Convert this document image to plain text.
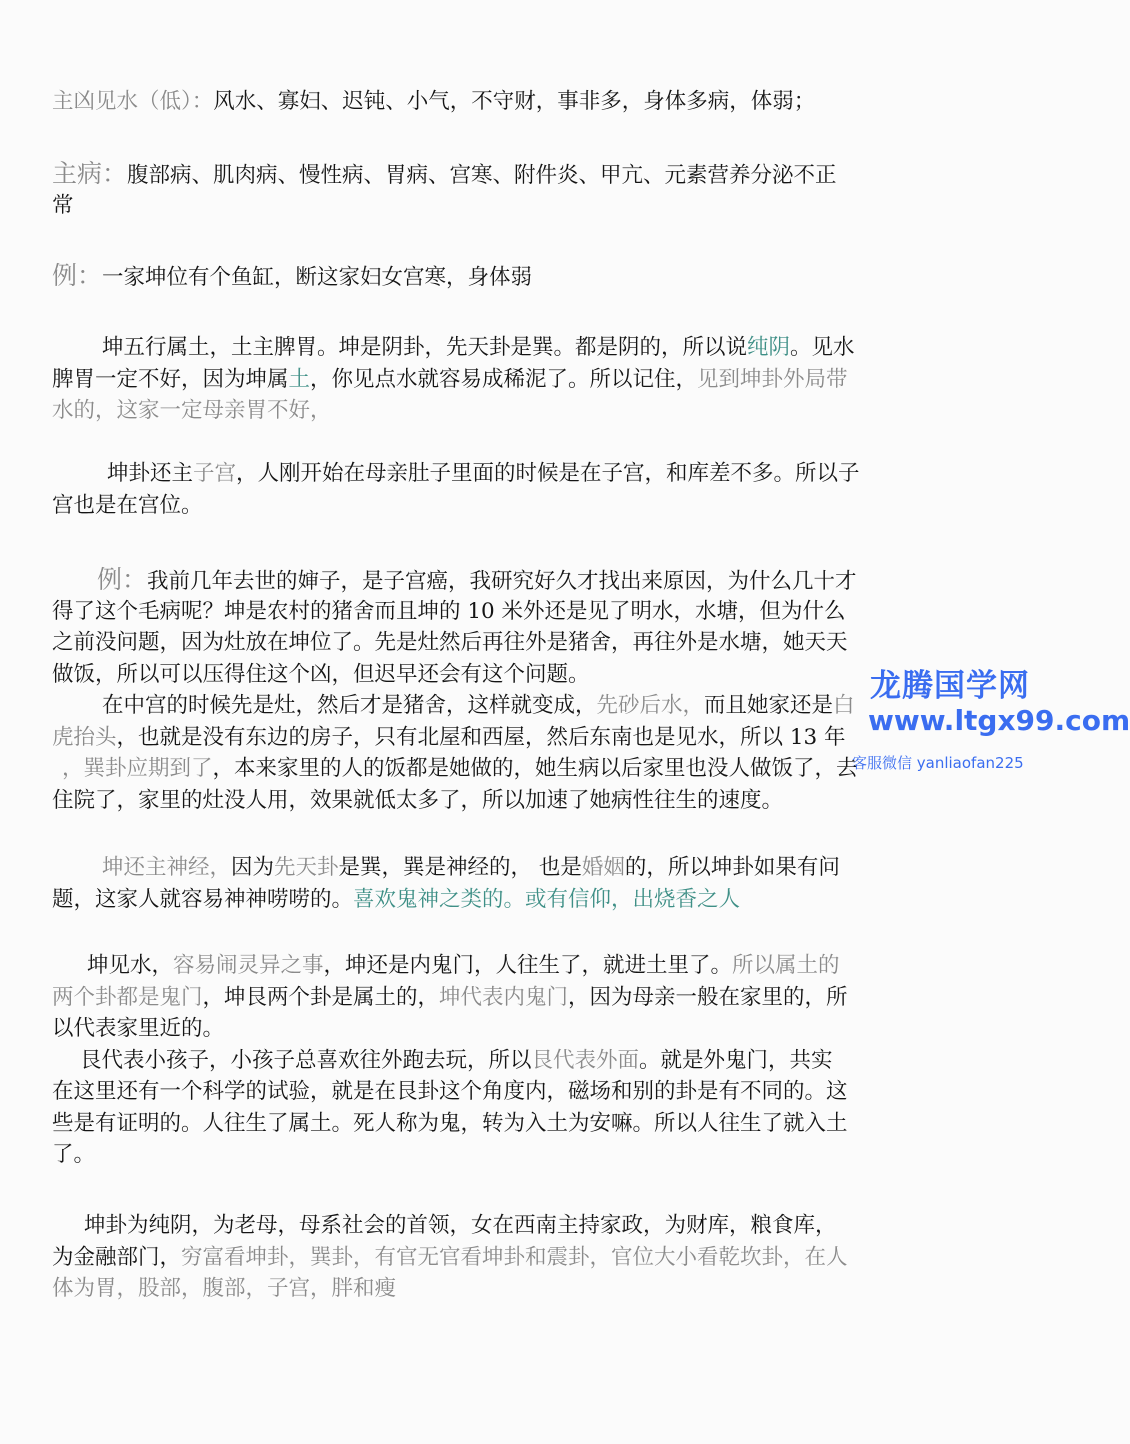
主凶见水（低）：风水、寡妇、迟钝、小气，不守财，事非多，身体多病，体弱；
主病：腹部病、肌肉病、慢性病、胃病、宫寒、附件炎、甲亢、元素营养分泌不正
常
例：一家坤位有个鱼缸，断这家妇女宫寒，身体弱
坤五行属土，土主脾胃。坤是阴卦，先天卦是巽。都是阴的，所以说纯阴。见水
脾胃一定不好，因为坤属土，你见点水就容易成稀泥了。所以记住，见到坤卦外局带
水的，这家一定母亲胃不好，
坤卦还主子宫，人刚开始在母亲肚子里面的时候是在子宫，和库差不多。所以子
宫也是在宫位。
例：我前几年去世的婶子，是子宫癌，我研究好久才找出来原因，为什么几十才
得了这个毛病呢？坤是农村的猪舍而且坤的 10 米外还是见了明水，水塘，但为什么
之前没问题，因为灶放在坤位了。先是灶然后再往外是猪舍，再往外是水塘，她天天
做饭，所以可以压得住这个凶，但迟早还会有这个问题。
在中宫的时候先是灶，然后才是猪舍，这样就变成，先砂后水，而且她家还是白
虎抬头，也就是没有东边的房子，只有北屋和西屋，然后东南也是见水，所以 13 年
，巽卦应期到了，本来家里的人的饭都是她做的，她生病以后家里也没人做饭了，去
住院了，家里的灶没人用，效果就低太多了，所以加速了她病性往生的速度。
坤还主神经，因为先天卦是巽，巽是神经的， 也是婚姻的，所以坤卦如果有问
题，这家人就容易神神唠唠的。喜欢鬼神之类的。或有信仰，出烧香之人
坤见水，容易闹灵异之事，坤还是内鬼门，人往生了，就进土里了。所以属土的
两个卦都是鬼门，坤艮两个卦是属土的，坤代表内鬼门，因为母亲一般在家里的，所
以代表家里近的。
艮代表小孩子，小孩子总喜欢往外跑去玩，所以艮代表外面。就是外鬼门，共实
在这里还有一个科学的试验，就是在艮卦这个角度内，磁场和别的卦是有不同的。这
些是有证明的。人往生了属土。死人称为鬼，转为入土为安嘛。所以人往生了就入土
了。
坤卦为纯阴，为老母，母系社会的首领，女在西南主持家政，为财库，粮食库，
为金融部门，穷富看坤卦，巽卦，有官无官看坤卦和震卦，官位大小看乾坎卦，在人
体为胃，股部，腹部，子宫，胖和瘦
龙腾国学网
www.ltgx99.com
客服微信 yanliaofan225
